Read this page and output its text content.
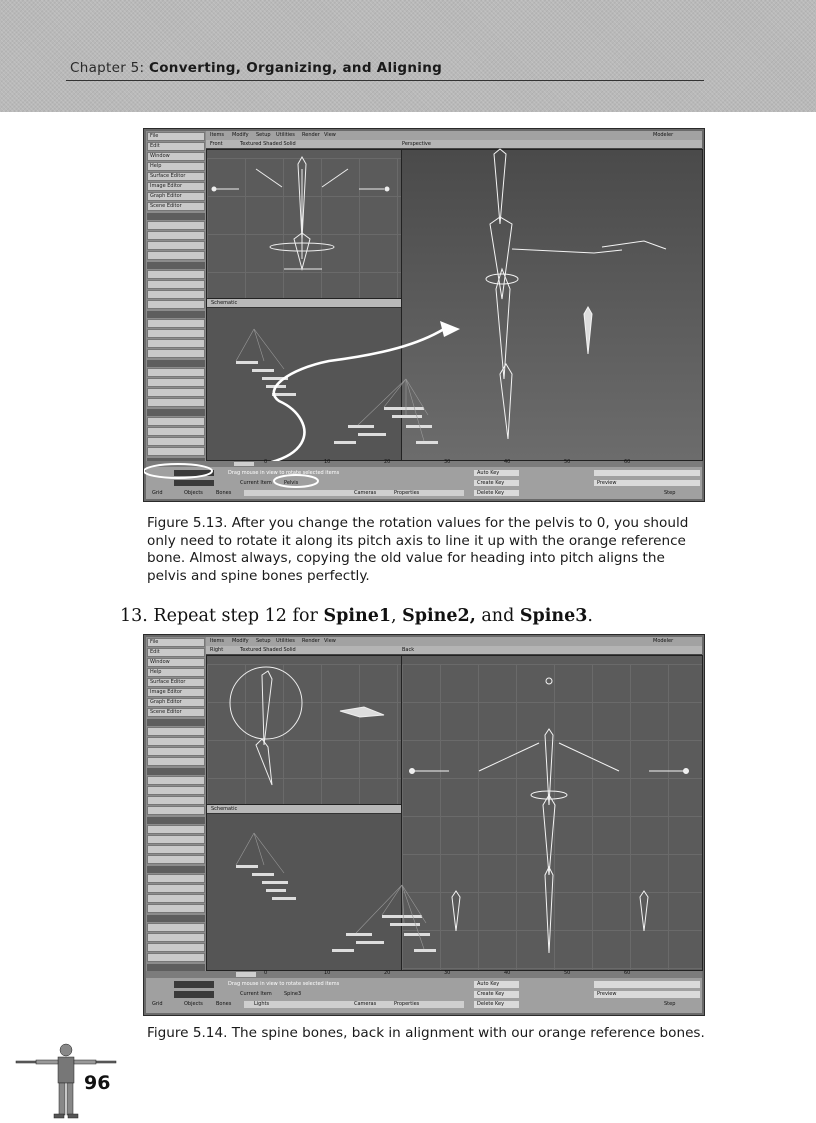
Chapter 5: Converting, Organizing, and Aligning
File
Edit
Window
Help
Surface Editor
Image Editor
Graph Editor
Scene Editor
Items Modify Setup Utilities Render View	Modeler
Front	Textured Shaded Solid	Perspective
Schematic
0	10	20	30	40	50	60
Drag mouse in view to rotate selected items	Auto Key
Create Key
Delete Key
Preview
Step
Grid	Objects	Bones	Cameras	Properties
Current Item Pelvis
Figure 5.13. After you change the rotation values for the pelvis to 0, you should only need to rotate it along its pitch axis to line it up with the orange reference bone. Almost always, copying the old value for heading into pitch aligns the pelvis and spine bones perfectly.
13. Repeat step 12 for Spine1, Spine2, and Spine3.
File
Edit
Window
Help
Surface Editor
Image Editor
Graph Editor
Scene Editor
Items Modify Setup Utilities Render View	Modeler
Right	Textured Shaded Solid	Back
Schematic
0	10	20	30	40	50	60
Drag mouse in view to rotate selected items	Auto Key
Create Key
Delete Key
Preview
Step
Grid	Objects	Bones	Lights	Cameras	Properties
Current Item Spine3
Figure 5.14. The spine bones, back in alignment with our orange reference bones.
96
